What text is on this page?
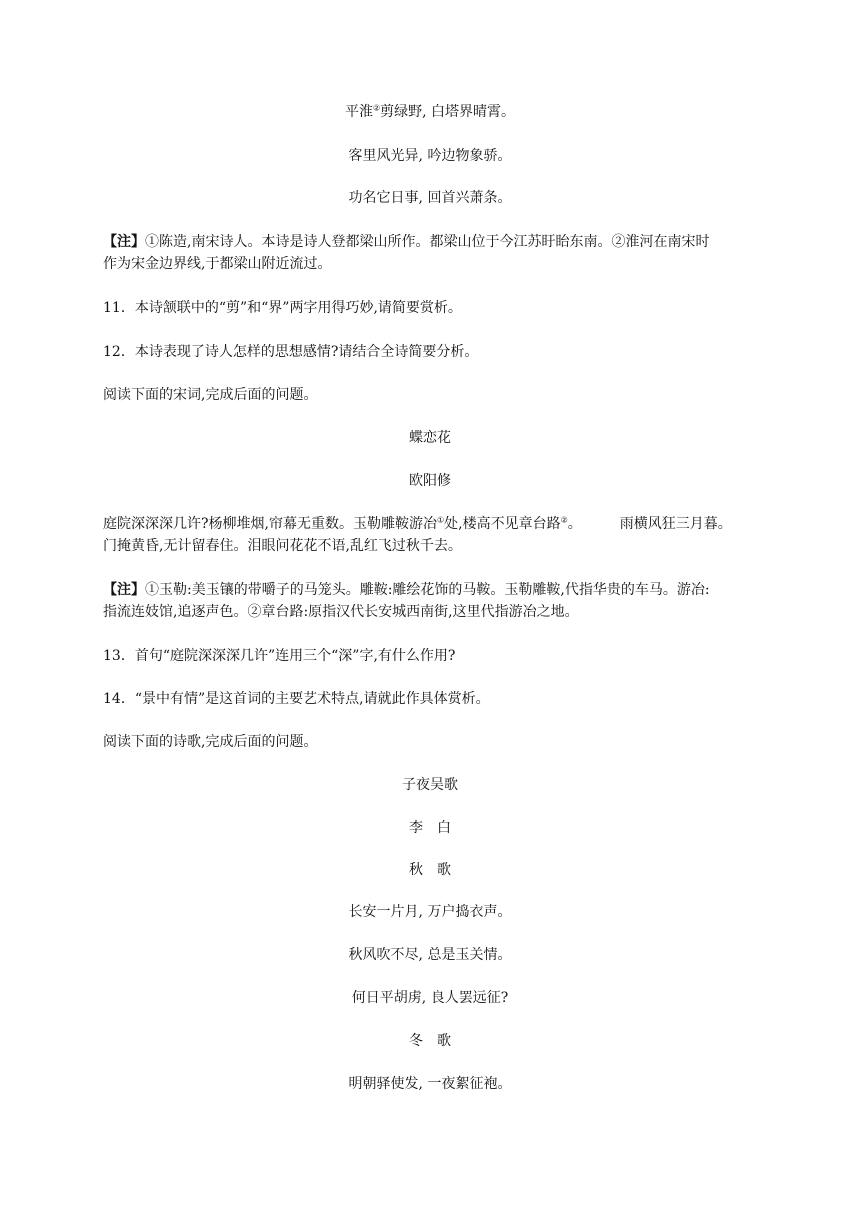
平淮②剪绿野, 白塔界晴霄。
客里风光异, 吟边物象骄。
功名它日事, 回首兴萧条。
【注】①陈造,南宋诗人。本诗是诗人登都梁山所作。都梁山位于今江苏盱眙东南。②淮河在南宋时
作为宋金边界线,于都梁山附近流过。
11．本诗颔联中的“剪”和“界”两字用得巧妙,请简要赏析。
12．本诗表现了诗人怎样的思想感情?请结合全诗简要分析。
阅读下面的宋词,完成后面的问题。
蝶恋花
欧阳修
庭院深深深几许?杨柳堆烟,帘幕无重数。玉勒雕鞍游冶①处,楼高不见章台路②。	雨横风狂三月暮。
门掩黄昏,无计留春住。泪眼问花花不语,乱红飞过秋千去。
【注】①玉勒:美玉镶的带嚼子的马笼头。雕鞍:雕绘花饰的马鞍。玉勒雕鞍,代指华贵的车马。游冶:
指流连妓馆,追逐声色。②章台路:原指汉代长安城西南街,这里代指游冶之地。
13．首句“庭院深深深几许”连用三个“深”字,有什么作用?
14．“景中有情”是这首词的主要艺术特点,请就此作具体赏析。
阅读下面的诗歌,完成后面的问题。
子夜吴歌
李白
秋歌
长安一片月, 万户捣衣声。
秋风吹不尽, 总是玉关情。
何日平胡虏, 良人罢远征?
冬歌
明朝驿使发, 一夜絮征袍。
